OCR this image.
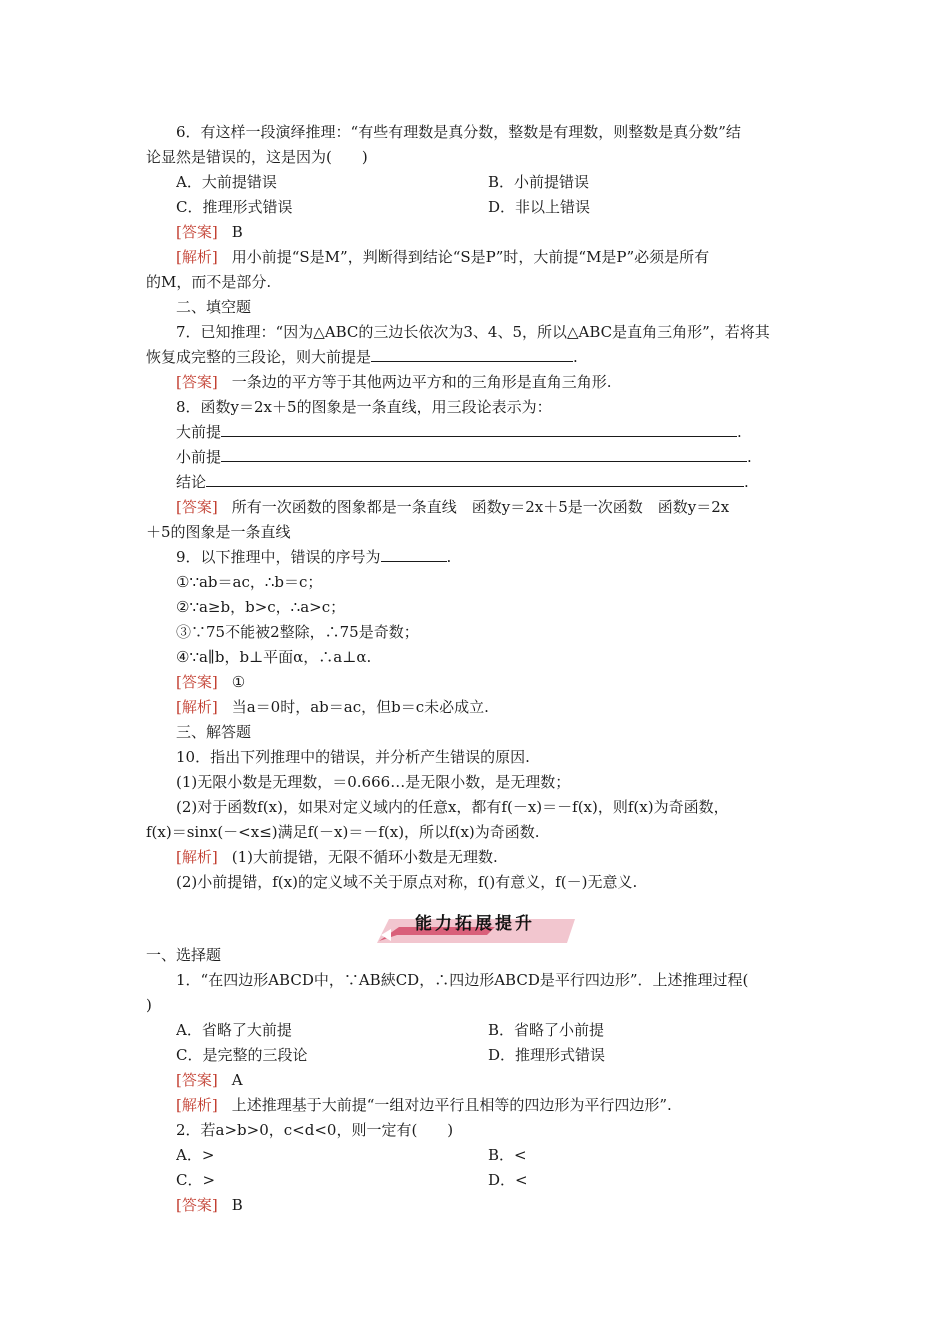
6．有这样一段演绎推理：“有些有理数是真分数，整数是有理数，则整数是真分数”结
论显然是错误的，这是因为(　　)
A．大前提错误	B．小前提错误
C．推理形式错误	D．非以上错误
[答案] B
[解析] 用小前提“S是M”，判断得到结论“S是P”时，大前提“M是P”必须是所有
的M，而不是部分.
二、填空题
7．已知推理：“因为△ABC的三边长依次为3、4、5，所以△ABC是直角三角形”，若将其
恢复成完整的三段论，则大前提是	.
[答案] 一条边的平方等于其他两边平方和的三角形是直角三角形.
8．函数y＝2x＋5的图象是一条直线，用三段论表示为：
大前提	.
小前提	.
结论	.
[答案] 所有一次函数的图象都是一条直线　函数y＝2x＋5是一次函数　函数y＝2x
＋5的图象是一条直线
9．以下推理中，错误的序号为	.
①∵ab＝ac，∴b＝c；
②∵a≥b，b>c，∴a>c；
③∵75不能被2整除，∴75是奇数；
④∵a∥b，b⊥平面α，∴a⊥α.
[答案] ①
[解析] 当a＝0时，ab＝ac，但b＝c未必成立.
三、解答题
10．指出下列推理中的错误，并分析产生错误的原因.
(1)无限小数是无理数，＝0.666…是无限小数，是无理数；
(2)对于函数f(x)，如果对定义域内的任意x，都有f(－x)＝－f(x)，则f(x)为奇函数，
f(x)＝sinx(－<x≤)满足f(－x)＝－f(x)，所以f(x)为奇函数.
[解析] (1)大前提错，无限不循环小数是无理数.
(2)小前提错，f(x)的定义域不关于原点对称，f()有意义，f(－)无意义.
能力拓展提升
一、选择题
1．“在四边形ABCD中，∵AB綊CD，∴四边形ABCD是平行四边形”．上述推理过程(
)
A．省略了大前提	B．省略了小前提
C．是完整的三段论	D．推理形式错误
[答案] A
[解析] 上述推理基于大前提“一组对边平行且相等的四边形为平行四边形”.
2．若a>b>0，c<d<0，则一定有(　　)
A．>	B．<
C．>	D．<
[答案] B
